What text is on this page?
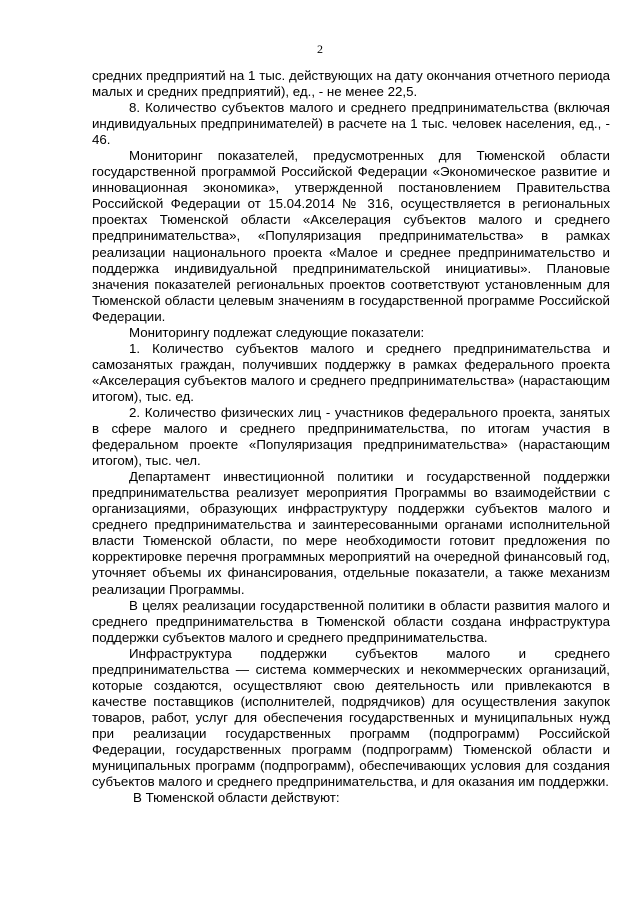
2

средних предприятий на 1 тыс. действующих на дату окончания отчетного периода малых и средних предприятий), ед., - не менее 22,5.

8. Количество субъектов малого и среднего предпринимательства (включая индивидуальных предпринимателей) в расчете на 1 тыс. человек населения, ед., - 46.

Мониторинг показателей, предусмотренных для Тюменской области государственной программой Российской Федерации «Экономическое развитие и инновационная экономика», утвержденной постановлением Правительства Российской Федерации от 15.04.2014 № 316, осуществляется в региональных проектах Тюменской области «Акселерация субъектов малого и среднего предпринимательства», «Популяризация предпринимательства» в рамках реализации национального проекта «Малое и среднее предпринимательство и поддержка индивидуальной предпринимательской инициативы». Плановые значения показателей региональных проектов соответствуют установленным для Тюменской области целевым значениям в государственной программе Российской Федерации.

Мониторингу подлежат следующие показатели:

1. Количество субъектов малого и среднего предпринимательства и самозанятых граждан, получивших поддержку в рамках федерального проекта «Акселерация субъектов малого и среднего предпринимательства» (нарастающим итогом), тыс. ед.

2. Количество физических лиц - участников федерального проекта, занятых в сфере малого и среднего предпринимательства, по итогам участия в федеральном проекте «Популяризация предпринимательства» (нарастающим итогом), тыс. чел.

Департамент инвестиционной политики и государственной поддержки предпринимательства реализует мероприятия Программы во взаимодействии с организациями, образующих инфраструктуру поддержки субъектов малого и среднего предпринимательства и заинтересованными органами исполнительной власти Тюменской области, по мере необходимости готовит предложения по корректировке перечня программных мероприятий на очередной финансовый год, уточняет объемы их финансирования, отдельные показатели, а также механизм реализации Программы.

В целях реализации государственной политики в области развития малого и среднего предпринимательства в Тюменской области создана инфраструктура поддержки субъектов малого и среднего предпринимательства.

Инфраструктура поддержки субъектов малого и среднего предпринимательства — система коммерческих и некоммерческих организаций, которые создаются, осуществляют свою деятельность или привлекаются в качестве поставщиков (исполнителей, подрядчиков) для осуществления закупок товаров, работ, услуг для обеспечения государственных и муниципальных нужд при реализации государственных программ (подпрограмм) Российской Федерации, государственных программ (подпрограмм) Тюменской области и муниципальных программ (подпрограмм), обеспечивающих условия для создания субъектов малого и среднего предпринимательства, и для оказания им поддержки.

В Тюменской области действуют:
